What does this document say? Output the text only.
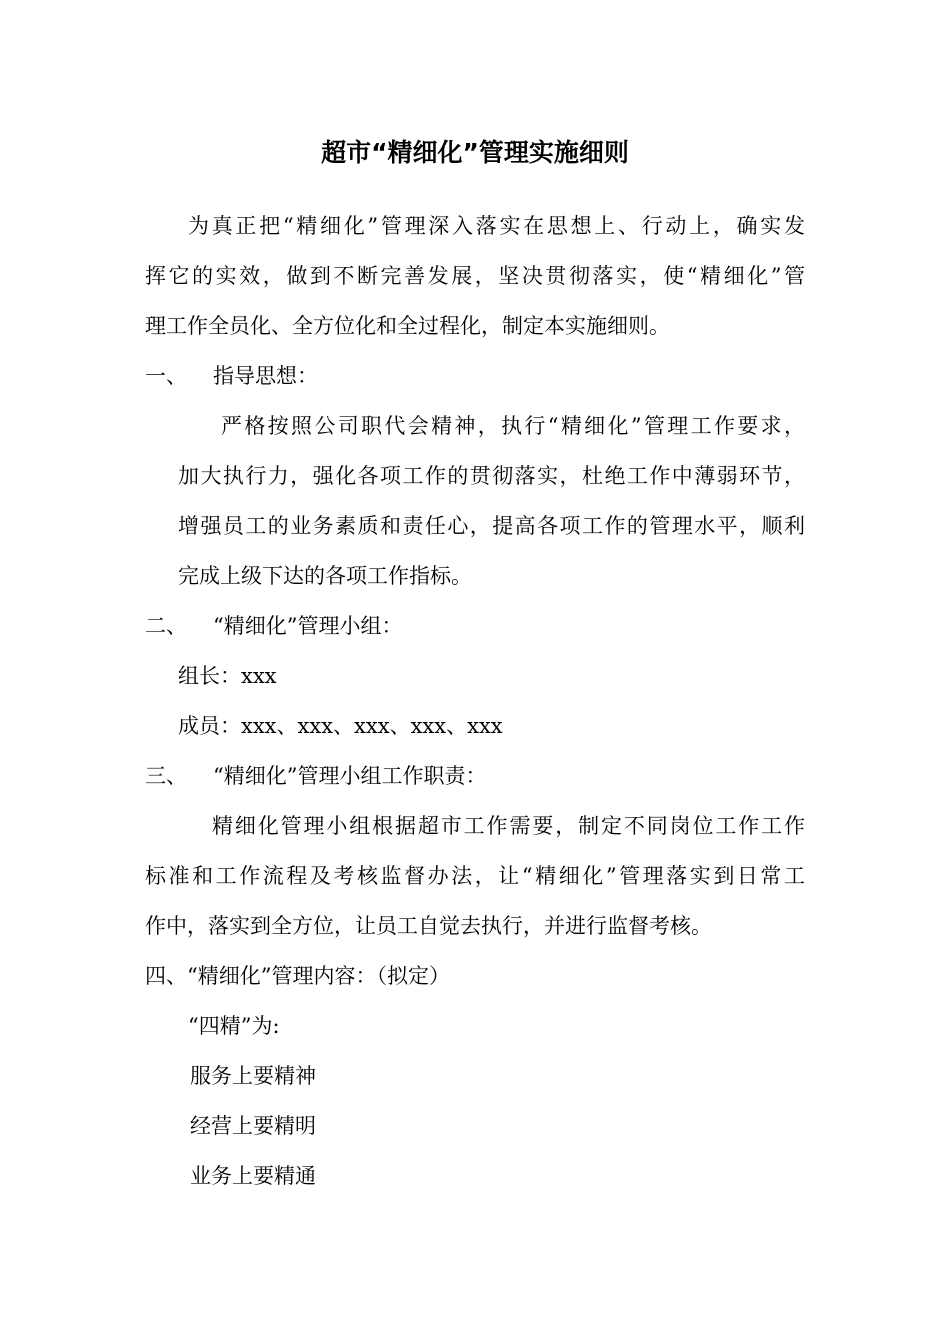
超市“精细化”管理实施细则
为真正把“精细化”管理深入落实在思想上、行动上，确实发
挥它的实效，做到不断完善发展，坚决贯彻落实，使“精细化”管
理工作全员化、全方位化和全过程化，制定本实施细则。
一、 指导思想：
严格按照公司职代会精神，执行“精细化”管理工作要求，
加大执行力，强化各项工作的贯彻落实，杜绝工作中薄弱环节，
增强员工的业务素质和责任心，提高各项工作的管理水平，顺利
完成上级下达的各项工作指标。
二、 “精细化”管理小组：
组长：xxx
成员：xxx、xxx、xxx、xxx、xxx
三、 “精细化”管理小组工作职责：
精细化管理小组根据超市工作需要，制定不同岗位工作工作
标准和工作流程及考核监督办法，让“精细化”管理落实到日常工
作中，落实到全方位，让员工自觉去执行，并进行监督考核。
四、“精细化”管理内容：（拟定）
“四精”为:
服务上要精神
经营上要精明
业务上要精通
